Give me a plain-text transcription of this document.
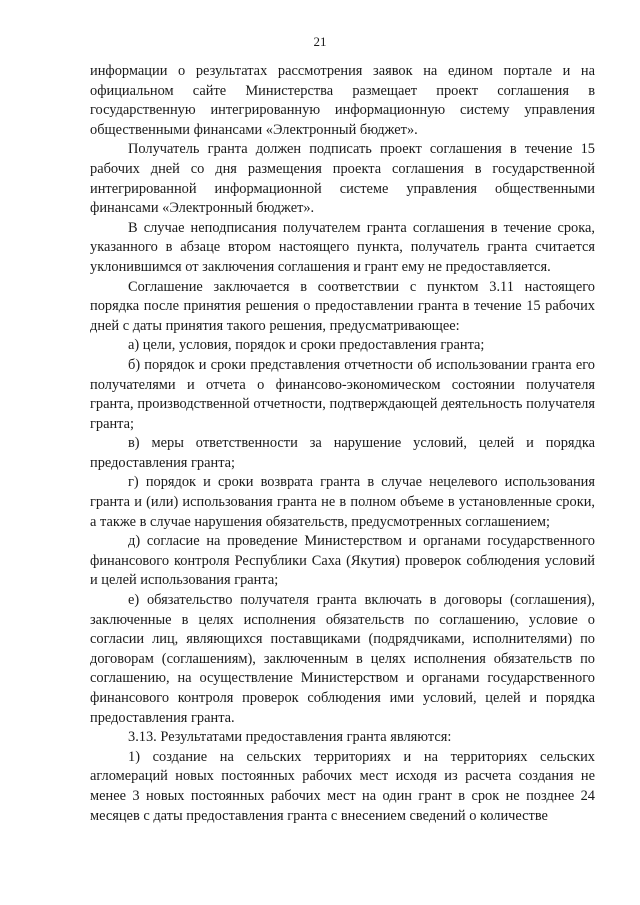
21

информации о результатах рассмотрения заявок на едином портале и на официальном сайте Министерства размещает проект соглашения в государственную интегрированную информационную систему управления общественными финансами «Электронный бюджет».

Получатель гранта должен подписать проект соглашения в течение 15 рабочих дней со дня размещения проекта соглашения в государственной интегрированной информационной системе управления общественными финансами «Электронный бюджет».

В случае неподписания получателем гранта соглашения в течение срока, указанного в абзаце втором настоящего пункта, получатель гранта считается уклонившимся от заключения соглашения и грант ему не предоставляется.

Соглашение заключается в соответствии с пунктом 3.11 настоящего порядка после принятия решения о предоставлении гранта в течение 15 рабочих дней с даты принятия такого решения, предусматривающее:

а) цели, условия, порядок и сроки предоставления гранта;

б) порядок и сроки представления отчетности об использовании гранта его получателями и отчета о финансово-экономическом состоянии получателя гранта, производственной отчетности, подтверждающей деятельность получателя гранта;

в) меры ответственности за нарушение условий, целей и порядка предоставления гранта;

г) порядок и сроки возврата гранта в случае нецелевого использования гранта и (или) использования гранта не в полном объеме в установленные сроки, а также в случае нарушения обязательств, предусмотренных соглашением;

д) согласие на проведение Министерством и органами государственного финансового контроля Республики Саха (Якутия) проверок соблюдения условий и целей использования гранта;

е) обязательство получателя гранта включать в договоры (соглашения), заключенные в целях исполнения обязательств по соглашению, условие о согласии лиц, являющихся поставщиками (подрядчиками, исполнителями) по договорам (соглашениям), заключенным в целях исполнения обязательств по соглашению, на осуществление Министерством и органами государственного финансового контроля проверок соблюдения ими условий, целей и порядка предоставления гранта.

3.13. Результатами предоставления гранта являются:

1) создание на сельских территориях и на территориях сельских агломераций новых постоянных рабочих мест исходя из расчета создания не менее 3 новых постоянных рабочих мест на один грант в срок не позднее 24 месяцев с даты предоставления гранта с внесением сведений о количестве
